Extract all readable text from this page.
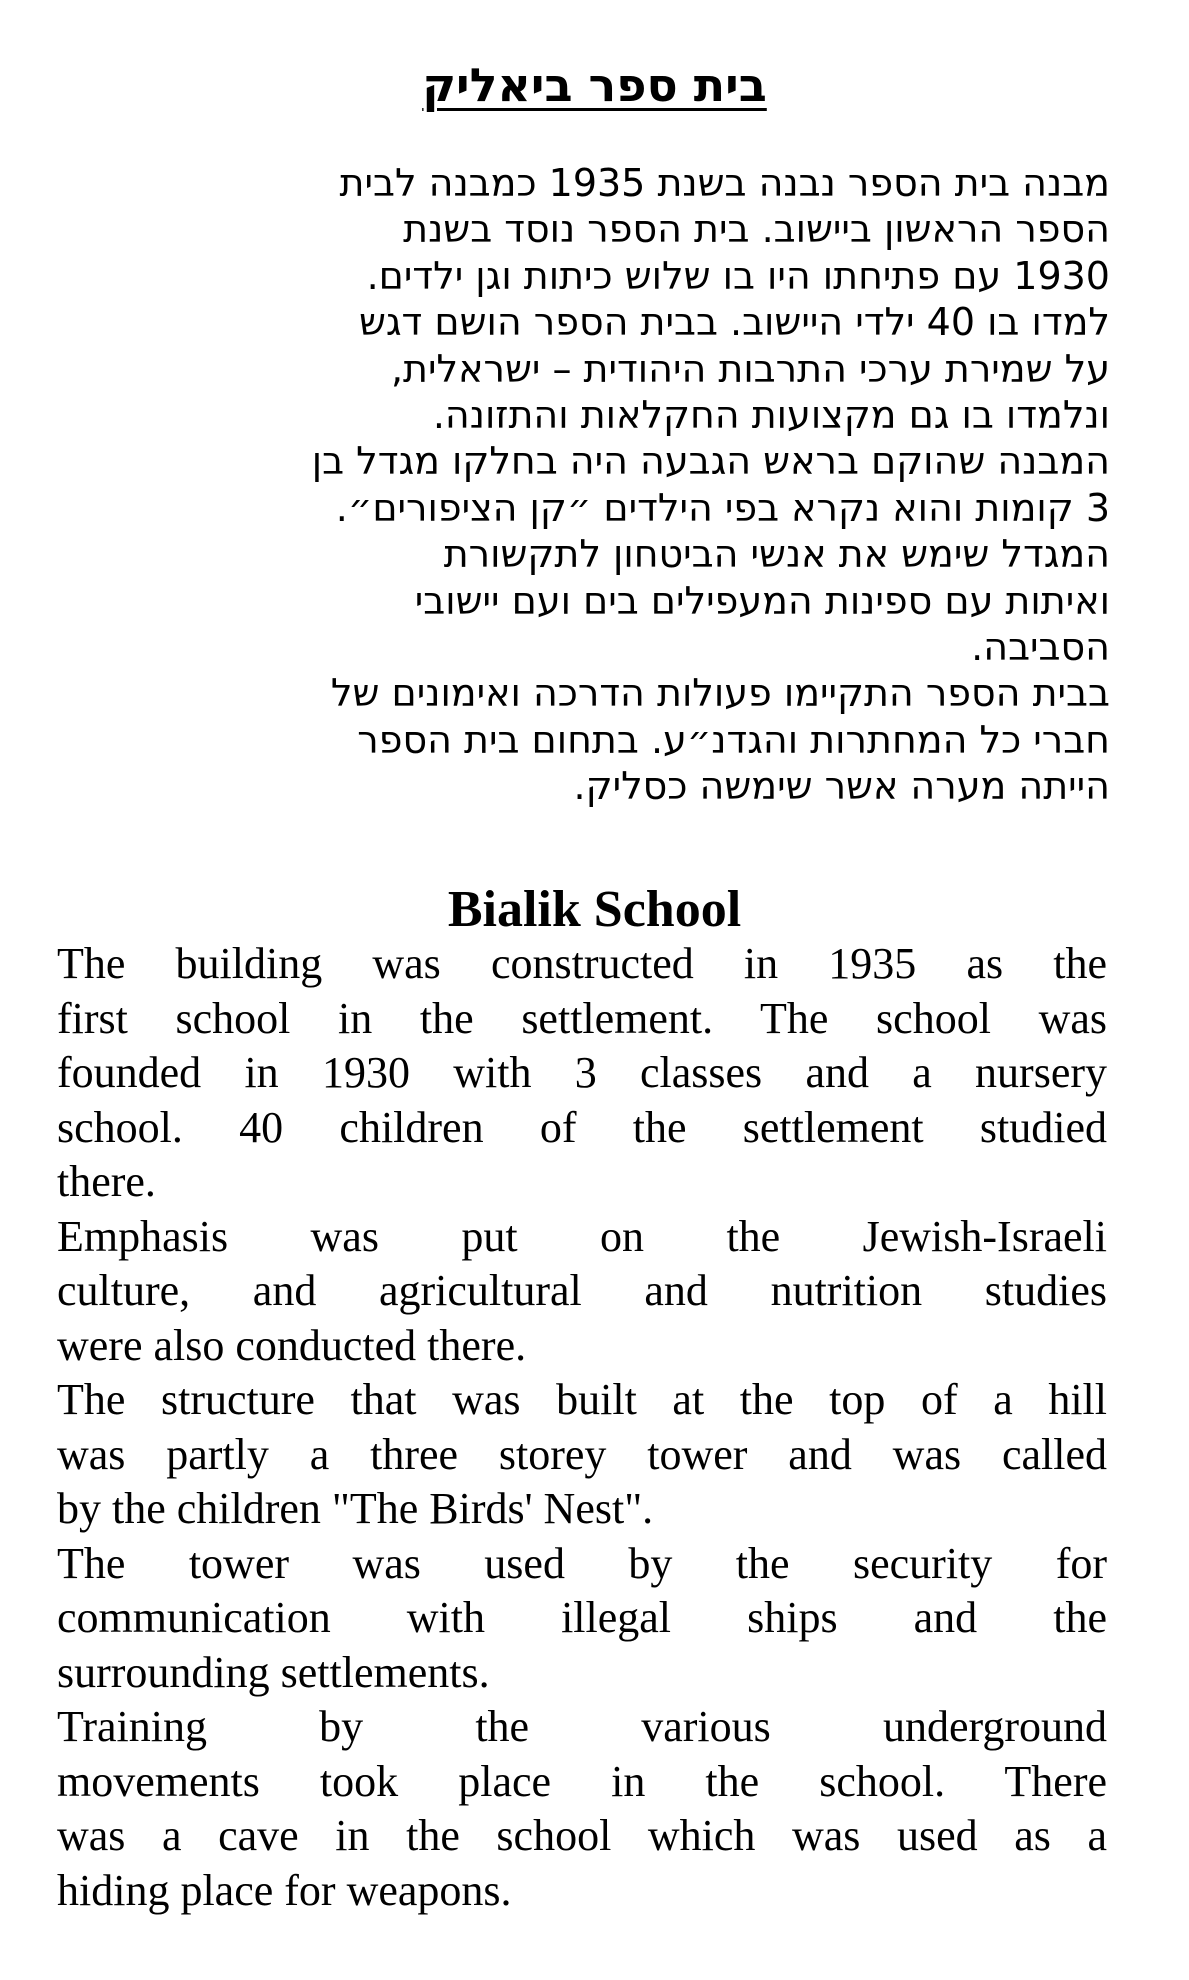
בית ספר ביאליק
מבנה בית הספר נבנה בשנת 1935 כמבנה לבית
הספר הראשון ביישוב. בית הספר נוסד בשנת
1930 עם פתיחתו היו בו שלוש כיתות וגן ילדים.
למדו בו 40 ילדי היישוב. בבית הספר הושם דגש
על שמירת ערכי התרבות היהודית – ישראלית,
ונלמדו בו גם מקצועות החקלאות והתזונה.
המבנה שהוקם בראש הגבעה היה בחלקו מגדל בן
3 קומות והוא נקרא בפי הילדים ״קן הציפורים״.
המגדל שימש את אנשי הביטחון לתקשורת
ואיתות עם ספינות המעפילים בים ועם יישובי
הסביבה.
בבית הספר התקיימו פעולות הדרכה ואימונים של
חברי כל המחתרות והגדנ״ע. בתחום בית הספר
הייתה מערה אשר שימשה כסליק.
Bialik School
The building was constructed in 1935 as the
first school in the settlement. The school was
founded in 1930 with 3 classes and a nursery
school. 40 children of the settlement studied
there.
Emphasis was put on the Jewish-Israeli
culture, and agricultural and nutrition studies
were also conducted there.
The structure that was built at the top of a hill
was partly a three storey tower and was called
by the children "The Birds' Nest".
The tower was used by the security for
communication with illegal ships and the
surrounding settlements.
Training by the various underground
movements took place in the school. There
was a cave in the school which was used as a
hiding place for weapons.
